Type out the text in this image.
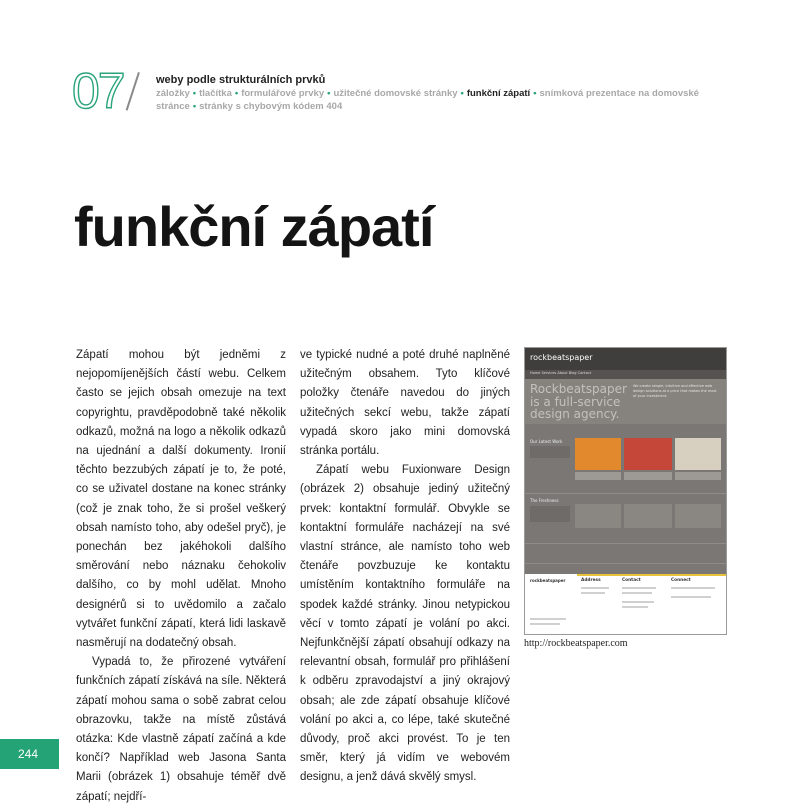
07	weby podle strukturálních prvků
záložky • tlačítka • formulářové prvky • užitečné domovské stránky • funkční zápatí • snímková prezentace na domovské stránce • stránky s chybovým kódem 404
funkční zápatí

Zápatí mohou být jedněmi z nejopomíjenějších částí webu. Celkem často se jejich obsah omezuje na text copyrightu, pravděpodobně také několik odkazů, možná na logo a několik odkazů na ujednání a další dokumenty. Ironií těchto bezzubých zápatí je to, že poté, co se uživatel dostane na konec stránky (což je znak toho, že si prošel veškerý obsah namísto toho, aby odešel pryč), je ponechán bez jakéhokoli dalšího směrování nebo náznaku čehokoliv dalšího, co by mohl udělat. Mnoho designérů si to uvědomilo a začalo vytvářet funkční zápatí, která lidi laskavě nasměrují na dodatečný obsah.

Vypadá to, že přirozené vytváření funkčních zápatí získává na síle. Některá zápatí mohou sama o sobě zabrat celou obrazovku, takže na místě zůstává otázka: Kde vlastně zápatí začíná a kde končí? Například web Jasona Santa Marii (obrázek 1) obsahuje téměř dvě zápatí; nejdří-

ve typické nudné a poté druhé naplněné užitečným obsahem. Tyto klíčové položky čtenáře navedou do jiných užitečných sekcí webu, takže zápatí vypadá skoro jako mini domovská stránka portálu.

Zápatí webu Fuxionware Design (obrázek 2) obsahuje jediný užitečný prvek: kontaktní formulář. Obvykle se kontaktní formuláře nacházejí na své vlastní stránce, ale namísto toho web čtenáře povzbuzuje ke kontaktu umístěním kontaktního formuláře na spodek každé stránky. Jinou netypickou věcí v tomto zápatí je volání po akci. Nejfunkčnější zápatí obsahují odkazy na relevantní obsah, formulář pro přihlášení k odběru zpravodajství a jiný okrajový obsah; ale zde zápatí obsahuje klíčové volání po akci a, co lépe, také skutečné důvody, proč akci provést. To je ten směr, který já vidím ve webovém designu, a jenž dává skvělý smysl.

rockbeatspaper
Home Services About Blog Contact
Rockbeatspaper
is a full-service
design agency.
We create simple, intuitive and effective web design solutions at a price that makes the most of your investment.
Our Latest Work
The Freshness
rockbeatspaper	Address	Contact	Connect
http://rockbeatspaper.com
244
